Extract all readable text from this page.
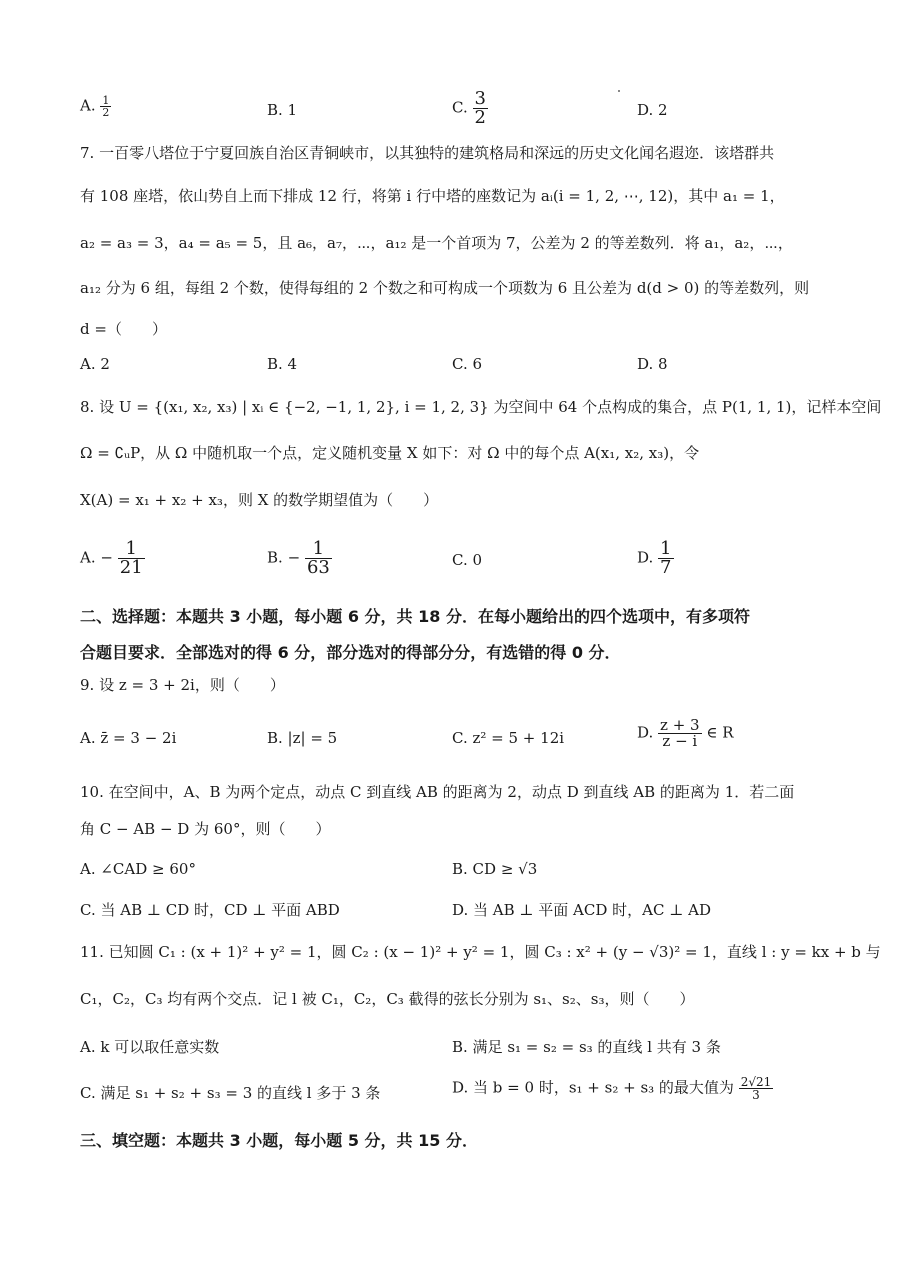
A. $\frac{1}{2}$	B. 1	C. $\frac{3}{2}$	D. 2
7. 一百零八塔位于宁夏回族自治区青铜峡市，以其独特的建筑格局和深远的历史文化闻名遐迩．该塔群共
有 108 座塔，依山势自上而下排成 12 行，将第 i 行中塔的座数记为 aᵢ(i = 1, 2, ⋯, 12)，其中 a₁ = 1，
a₂ = a₃ = 3，a₄ = a₅ = 5，且 a₆，a₇，⋯，a₁₂ 是一个首项为 7，公差为 2 的等差数列．将 a₁，a₂，⋯，
a₁₂ 分为 6 组，每组 2 个数，使得每组的 2 个数之和可构成一个项数为 6 且公差为 d(d > 0) 的等差数列，则
d =（　　）
A. 2	B. 4	C. 6	D. 8
8. 设 U = {(x₁, x₂, x₃) | xᵢ ∈ {−2, −1, 1, 2}, i = 1, 2, 3} 为空间中 64 个点构成的集合，点 P(1, 1, 1)，记样本空间
Ω = ∁ᵤP，从 Ω 中随机取一个点，定义随机变量 X 如下：对 Ω 中的每个点 A(x₁, x₂, x₃)，令
X(A) = x₁ + x₂ + x₃，则 X 的数学期望值为（　　）
A. − $\frac{1}{21}$	B. − $\frac{1}{63}$	C. 0	D. $\frac{1}{7}$
二、选择题：本题共 3 小题，每小题 6 分，共 18 分．在每小题给出的四个选项中，有多项符
合题目要求．全部选对的得 6 分，部分选对的得部分分，有选错的得 0 分．
9. 设 z = 3 + 2i，则（　　）
A. z̄ = 3 − 2i	B. |z| = 5	C. z² = 5 + 12i	D. $\frac{z + 3}{z - i}$ ∈ R
10. 在空间中，A、B 为两个定点，动点 C 到直线 AB 的距离为 2，动点 D 到直线 AB 的距离为 1．若二面
角 C − AB − D 为 60°，则（　　）
A. ∠CAD ≥ 60°	B. CD ≥ √3
C. 当 AB ⊥ CD 时，CD ⊥ 平面 ABD	D. 当 AB ⊥ 平面 ACD 时，AC ⊥ AD
11. 已知圆 C₁ : (x + 1)² + y² = 1，圆 C₂ : (x − 1)² + y² = 1，圆 C₃ : x² + (y − √3)² = 1，直线 l : y = kx + b 与
C₁，C₂，C₃ 均有两个交点．记 l 被 C₁，C₂，C₃ 截得的弦长分别为 s₁、s₂、s₃，则（　　）
A. k 可以取任意实数	B. 满足 s₁ = s₂ = s₃ 的直线 l 共有 3 条
C. 满足 s₁ + s₂ + s₃ = 3 的直线 l 多于 3 条	D. 当 b = 0 时，s₁ + s₂ + s₃ 的最大值为 $\frac{2√21}{3}$
三、填空题：本题共 3 小题，每小题 5 分，共 15 分．
